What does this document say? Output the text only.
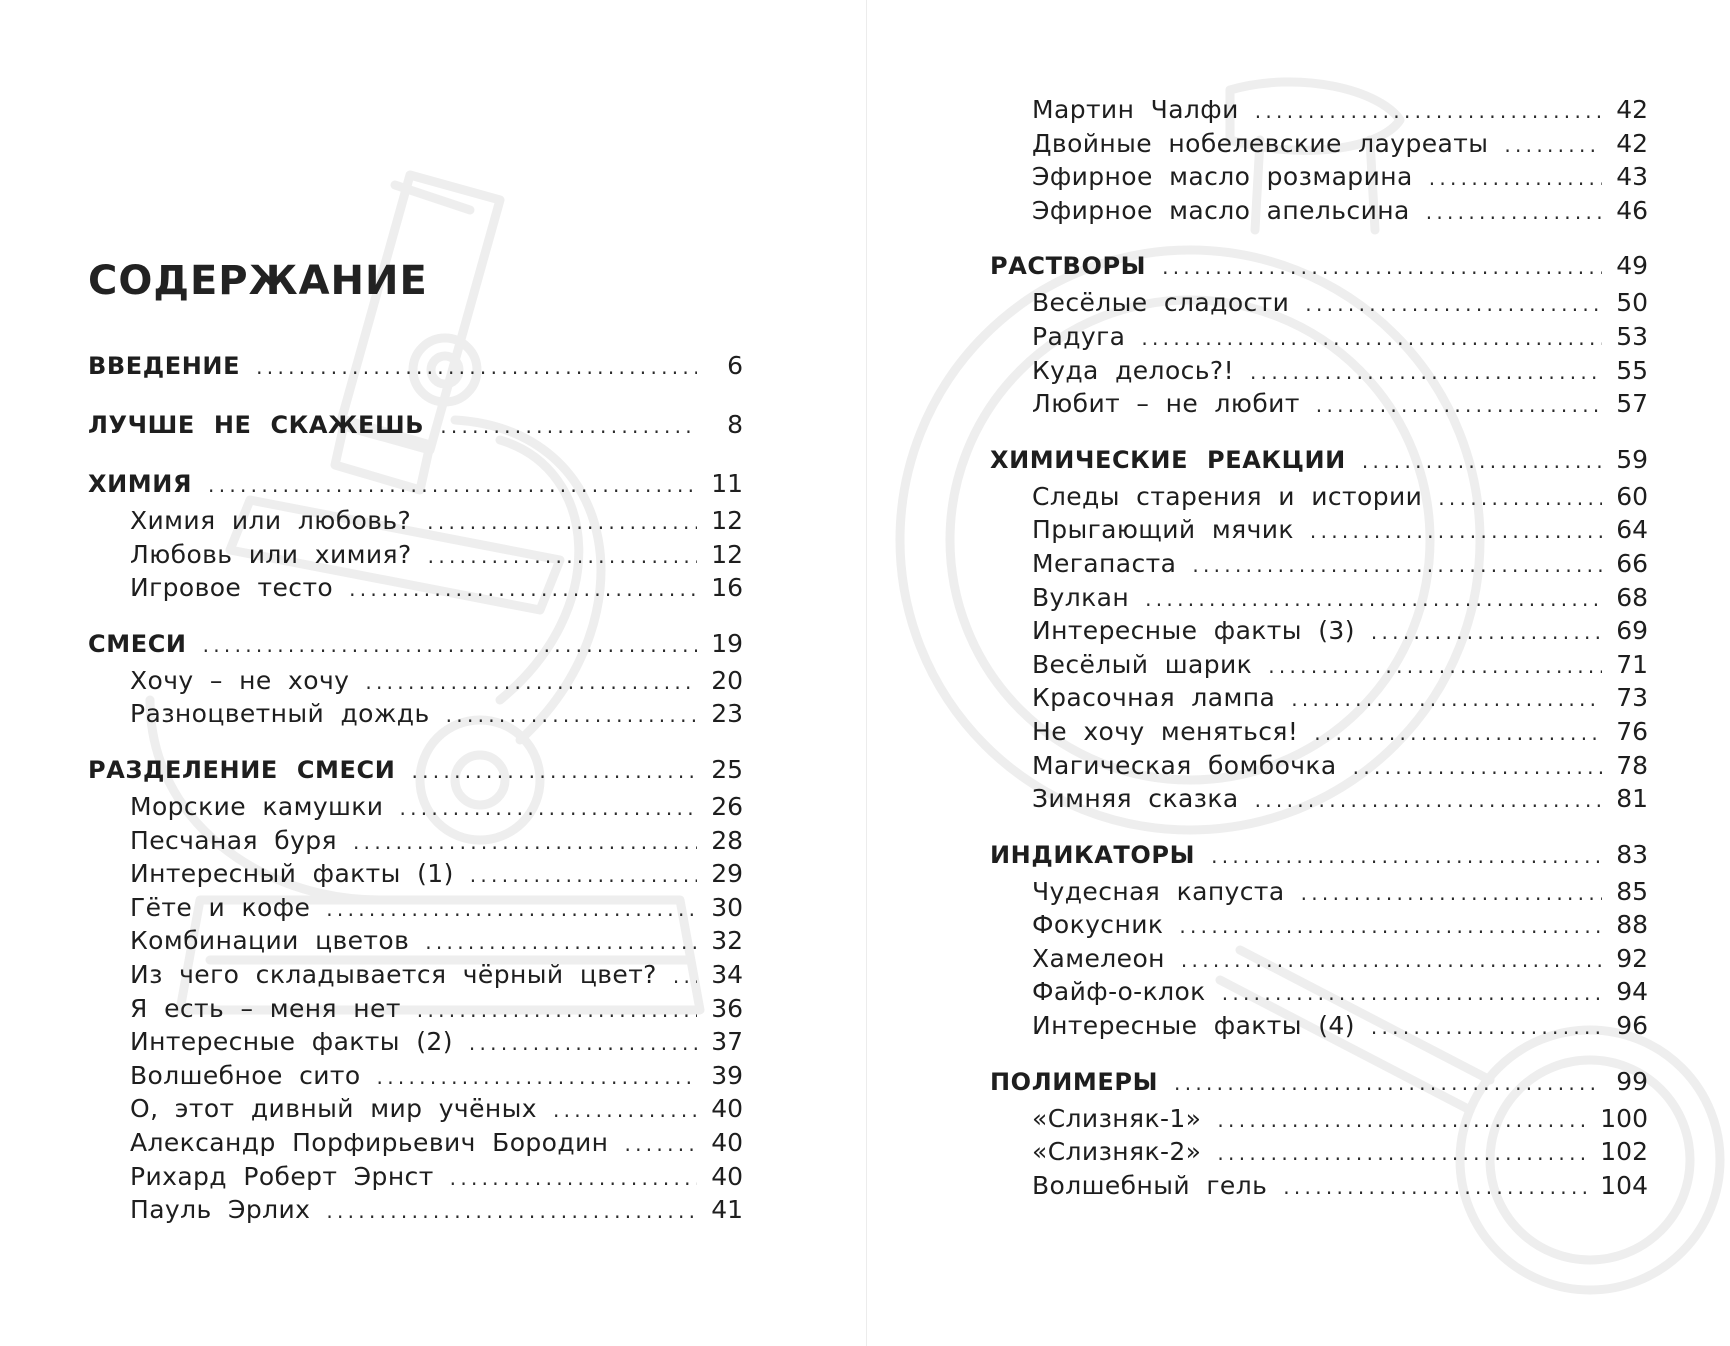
СОДЕРЖАНИЕ
ВВЕДЕНИЕ .....	6
ЛУЧШЕ НЕ СКАЖЕШЬ .....	8
ХИМИЯ .....	11
Химия или любовь? .....	12
Любовь или химия? .....	12
Игровое тесто .....	16
СМЕСИ .....	19
Хочу – не хочу .....	20
Разноцветный дождь .....	23
РАЗДЕЛЕНИЕ СМЕСИ .....	25
Морские камушки .....	26
Песчаная буря .....	28
Интересный факты (1) .....	29
Гёте и кофе .....	30
Комбинации цветов .....	32
Из чего складывается чёрный цвет? .....	34
Я есть – меня нет .....	36
Интересные факты (2) .....	37
Волшебное сито .....	39
О, этот дивный мир учёных .....	40
Александр Порфирьевич Бородин .....	40
Рихард Роберт Эрнст .....	40
Пауль Эрлих .....	41
Мартин Чалфи .....	42
Двойные нобелевские лауреаты .....	42
Эфирное масло розмарина .....	43
Эфирное масло апельсина .....	46
РАСТВОРЫ .....	49
Весёлые сладости .....	50
Радуга .....	53
Куда делось?! .....	55
Любит – не любит .....	57
ХИМИЧЕСКИЕ РЕАКЦИИ .....	59
Следы старения и истории .....	60
Прыгающий мячик .....	64
Мегапаста .....	66
Вулкан .....	68
Интересные факты (3) .....	69
Весёлый шарик .....	71
Красочная лампа .....	73
Не хочу меняться! .....	76
Магическая бомбочка .....	78
Зимняя сказка .....	81
ИНДИКАТОРЫ .....	83
Чудесная капуста .....	85
Фокусник .....	88
Хамелеон .....	92
Файф-о-клок .....	94
Интересные факты (4) .....	96
ПОЛИМЕРЫ .....	99
«Слизняк-1» .....	100
«Слизняк-2» .....	102
Волшебный гель .....	104
